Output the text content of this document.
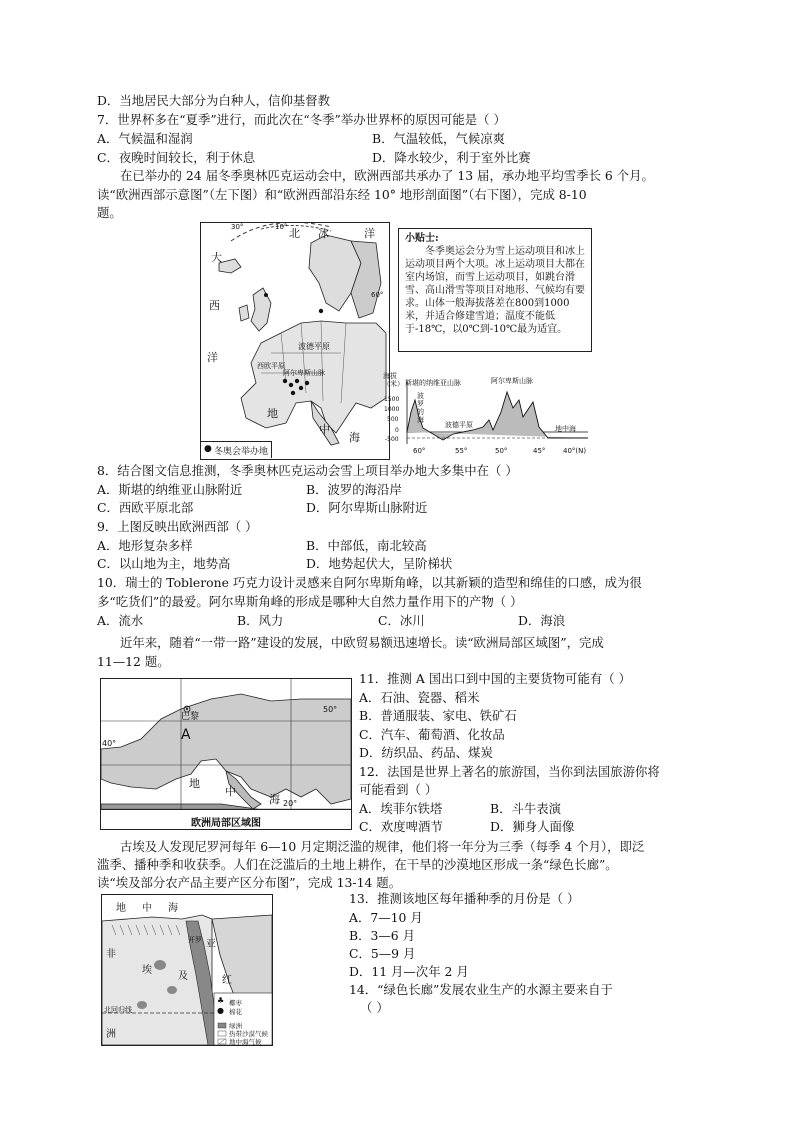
D．当地居民大部分为白种人，信仰基督教
7．世界杯多在“夏季”进行，而此次在“冬季”举办世界杯的原因可能是（ ）
A．气候温和湿润	B．气温较低，气候凉爽
C．夜晚时间较长，利于休息	D．降水较少，利于室外比赛
在已举办的 24 届冬季奥林匹克运动会中，欧洲西部共承办了 13 届，承办地平均雪季长 6 个月。
读“欧洲西部示意图”（左下图）和“欧洲西部沿东经 10° 地形剖面图”（右下图），完成 8-10
题。
北 冰	洋
大
西
洋
波德平原
西欧平原
阿尔卑斯山脉
地
中
海
30°	10°
60°
● 冬奥会举办地
小贴士:
冬季奥运会分为雪上运动项目和冰上运动项目两个大项。冰上运动项目大都在室内场馆，而雪上运动项目，如跳台滑雪、高山滑雪等项目对地形、气候均有要求。山体一般海拔落差在800到1000米，并适合修建雪道；温度不能低于-18℃，以0℃到-10℃最为适宜。
海拔（米）
1500
1000
500
0
-500
60°	55°	50°	45°	40°(N)
斯堪的纳维亚山脉
波罗的海
波德平原
阿尔卑斯山脉
地中海
8．结合图文信息推测，冬季奥林匹克运动会雪上项目举办地大多集中在（ ）
A．斯堪的纳维亚山脉附近	B．波罗的海沿岸
C．西欧平原北部	D．阿尔卑斯山脉附近
9．上图反映出欧洲西部（ ）
A．地形复杂多样	B．中部低，南北较高
C．以山地为主，地势高	D．地势起伏大，呈阶梯状
10．瑞士的 Toblerone 巧克力设计灵感来自阿尔卑斯角峰，以其新颖的造型和绵佳的口感，成为很
多“吃货们”的最爱。阿尔卑斯角峰的形成是哪种大自然力量作用下的产物（ ）
A．流水	B．风力	C．冰川	D．海浪
近年来，随着“一带一路”建设的发展，中欧贸易额迅速增长。读“欧洲局部区域图”，完成
11—12 题。
巴黎
A
地
中
海
50°
40°
20°
欧洲局部区域图
11．推测 A 国出口到中国的主要货物可能有（ ）
A．石油、瓷器、稻米
B．普通服装、家电、铁矿石
C．汽车、葡萄酒、化妆品
D．纺织品、药品、煤炭
12．法国是世界上著名的旅游国，当你到法国旅游你将
可能看到（ ）
A．埃菲尔铁塔	B．斗牛表演
C．欢度啤酒节	D．狮身人面像
古埃及人发现尼罗河每年 6—10 月定期泛滥的规律，他们将一年分为三季（每季 4 个月），即泛
滥季、播种季和收获季。人们在泛滥后的土地上耕作，在干旱的沙漠地区形成一条“绿色长廊”。
读“埃及部分农产品主要产区分布图”，完成 13-14 题。
地 中 海
埃
及
非
洲
亚
红
北回归线
开罗
椰枣
棉花
绿洲
热带沙漠气候
地中海气候
♣
●
13．推测该地区每年播种季的月份是（ ）
A．7—10 月
B．3—6 月
C．5—9 月
D．11 月—次年 2 月
14．“绿色长廊”发展农业生产的水源主要来自于
（ ）
